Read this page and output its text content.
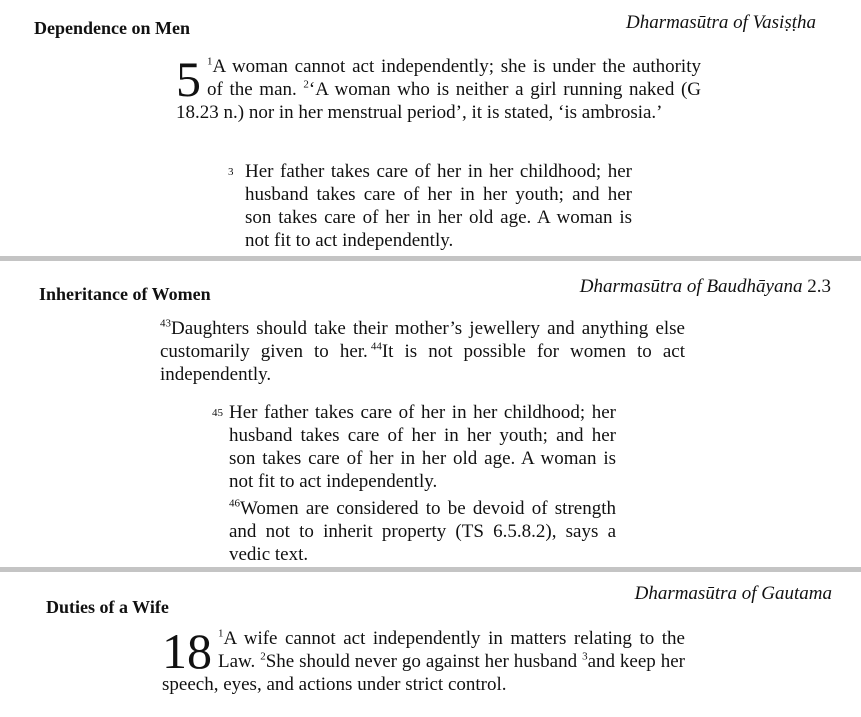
Dependence on Men	Dharmasūtra of Vasiṣṭha
5 $^1$A woman cannot act independently; she is under the authority of the man. $^2$‘A woman who is neither a girl running naked (G 18.23 n.) nor in her menstrual period’, it is stated, ‘is ambrosia.’
3 Her father takes care of her in her childhood; her husband takes care of her in her youth; and her son takes care of her in her old age. A woman is not fit to act independently.
Inheritance of Women	Dharmasūtra of Baudhāyana 2.3
$^{43}$Daughters should take their mother’s jewellery and anything else customarily given to her. $^{44}$It is not possible for women to act independently.
45 Her father takes care of her in her childhood; her husband takes care of her in her youth; and her son takes care of her in her old age. A woman is not fit to act independently.
$^{46}$Women are considered to be devoid of strength and not to inherit property (TS 6.5.8.2), says a vedic text.
Duties of a Wife
Dharmasūtra of Gautama
18 $^1$A wife cannot act independently in matters relating to the Law. $^2$She should never go against her husband $^3$and keep her speech, eyes, and actions under strict control.
